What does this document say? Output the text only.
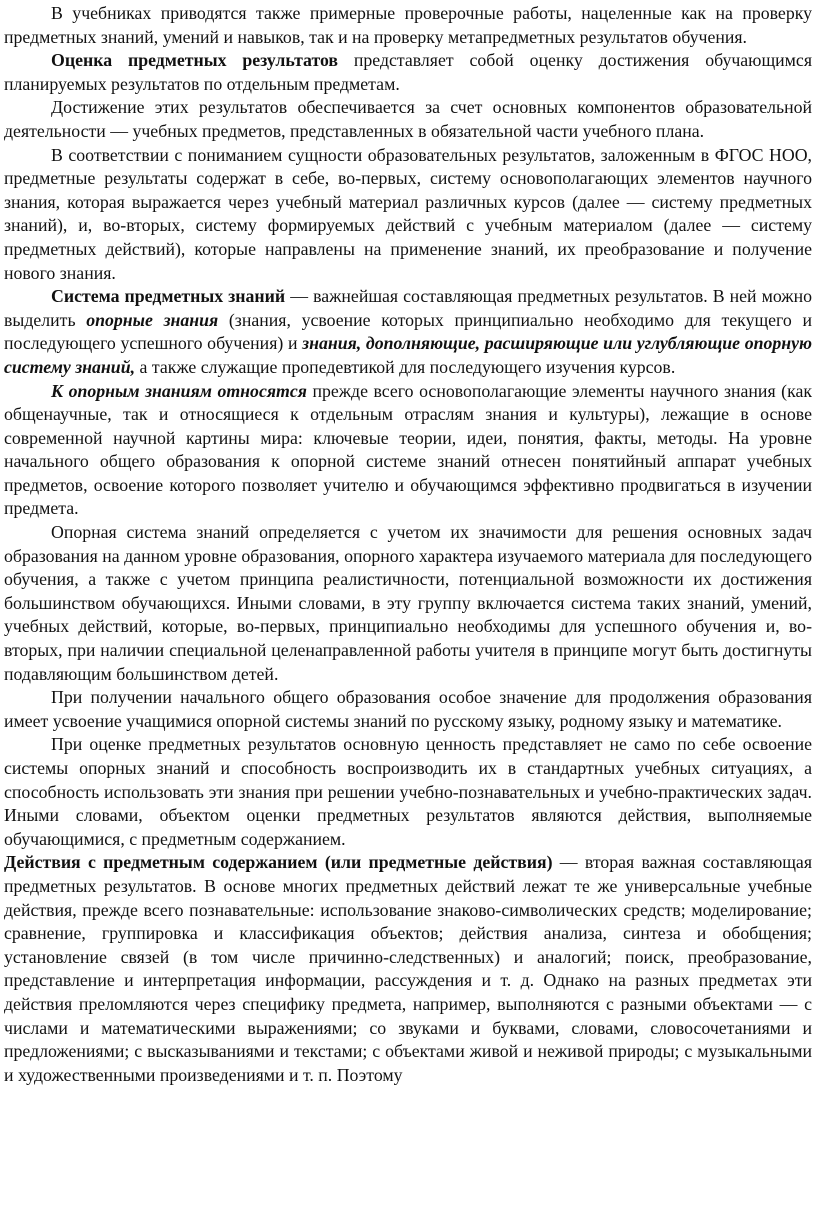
В учебниках приводятся также примерные проверочные работы, нацеленные как на проверку предметных знаний, умений и навыков, так и на проверку метапредметных результатов обучения.

Оценка предметных результатов представляет собой оценку достижения обучающимся планируемых результатов по отдельным предметам.

Достижение этих результатов обеспечивается за счет основных компонентов образовательной деятельности — учебных предметов, представленных в обязательной части учебного плана.

В соответствии с пониманием сущности образовательных результатов, заложенным в ФГОС НОО, предметные результаты содержат в себе, во-первых, систему основополагающих элементов научного знания, которая выражается через учебный материал различных курсов (далее — систему предметных знаний), и, во-вторых, систему формируемых действий с учебным материалом (далее — систему предметных действий), которые направлены на применение знаний, их преобразование и получение нового знания.

Система предметных знаний — важнейшая составляющая предметных результатов. В ней можно выделить опорные знания (знания, усвоение которых принципиально необходимо для текущего и последующего успешного обучения) и знания, дополняющие, расширяющие или углубляющие опорную систему знаний, а также служащие пропедевтикой для последующего изучения курсов.

К опорным знаниям относятся прежде всего основополагающие элементы научного знания (как общенаучные, так и относящиеся к отдельным отраслям знания и культуры), лежащие в основе современной научной картины мира: ключевые теории, идеи, понятия, факты, методы. На уровне начального общего образования к опорной системе знаний отнесен понятийный аппарат учебных предметов, освоение которого позволяет учителю и обучающимся эффективно продвигаться в изучении предмета.

Опорная система знаний определяется с учетом их значимости для решения основных задач образования на данном уровне образования, опорного характера изучаемого материала для последующего обучения, а также с учетом принципа реалистичности, потенциальной возможности их достижения большинством обучающихся. Иными словами, в эту группу включается система таких знаний, умений, учебных действий, которые, во-первых, принципиально необходимы для успешного обучения и, во-вторых, при наличии специальной целенаправленной работы учителя в принципе могут быть достигнуты подавляющим большинством детей.

При получении начального общего образования особое значение для продолжения образования имеет усвоение учащимися опорной системы знаний по русскому языку, родному языку и математике.

При оценке предметных результатов основную ценность представляет не само по себе освоение системы опорных знаний и способность воспроизводить их в стандартных учебных ситуациях, а способность использовать эти знания при решении учебно-познавательных и учебно-практических задач. Иными словами, объектом оценки предметных результатов являются действия, выполняемые обучающимися, с предметным содержанием.

Действия с предметным содержанием (или предметные действия) — вторая важная составляющая предметных результатов. В основе многих предметных действий лежат те же универсальные учебные действия, прежде всего познавательные: использование знаково-символических средств; моделирование; сравнение, группировка и классификация объектов; действия анализа, синтеза и обобщения; установление связей (в том числе причинно-следственных) и аналогий; поиск, преобразование, представление и интерпретация информации, рассуждения и т. д. Однако на разных предметах эти действия преломляются через специфику предмета, например, выполняются с разными объектами — с числами и математическими выражениями; со звуками и буквами, словами, словосочетаниями и предложениями; с высказываниями и текстами; с объектами живой и неживой природы; с музыкальными и художественными произведениями и т. п. Поэтому
